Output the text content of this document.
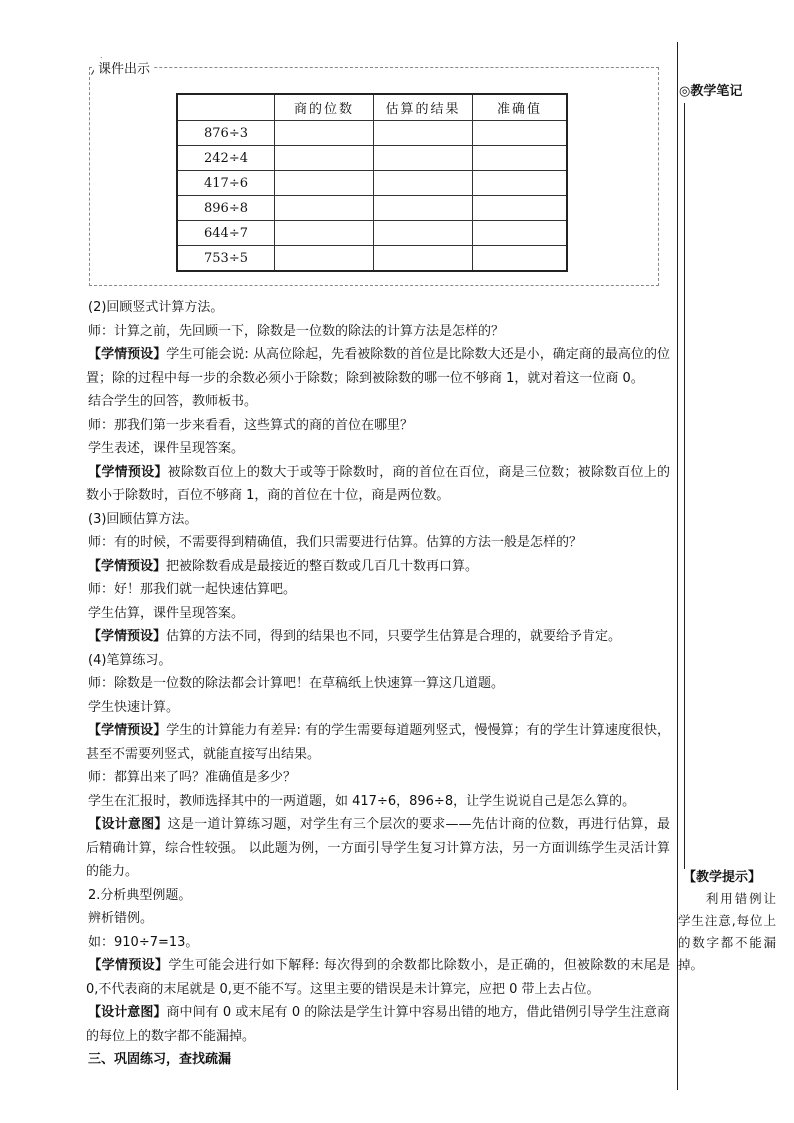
◎教学笔记
【教学提示】
利用错例让学生注意,每位上的数字都不能漏掉。
课件出示
	商的位数	估算的结果	准确值
876÷3			
242÷4			
417÷6			
896÷8			
644÷7			
753÷5			

(2)回顾竖式计算方法。

师：计算之前，先回顾一下，除数是一位数的除法的计算方法是怎样的？

【学情预设】学生可能会说: 从高位除起，先看被除数的首位是比除数大还是小，确定商的最高位的位置；除的过程中每一步的余数必须小于除数；除到被除数的哪一位不够商 1，就对着这一位商 0。

结合学生的回答，教师板书。

师：那我们第一步来看看，这些算式的商的首位在哪里？

学生表述，课件呈现答案。

【学情预设】被除数百位上的数大于或等于除数时，商的首位在百位，商是三位数；被除数百位上的数小于除数时，百位不够商 1，商的首位在十位，商是两位数。

(3)回顾估算方法。

师：有的时候，不需要得到精确值，我们只需要进行估算。估算的方法一般是怎样的？

【学情预设】把被除数看成是最接近的整百数或几百几十数再口算。

师：好！那我们就一起快速估算吧。

学生估算，课件呈现答案。

【学情预设】估算的方法不同，得到的结果也不同，只要学生估算是合理的，就要给予肯定。

(4)笔算练习。

师：除数是一位数的除法都会计算吧！在草稿纸上快速算一算这几道题。

学生快速计算。

【学情预设】学生的计算能力有差异: 有的学生需要每道题列竖式，慢慢算；有的学生计算速度很快，甚至不需要列竖式，就能直接写出结果。

师：都算出来了吗？准确值是多少？

学生在汇报时，教师选择其中的一两道题，如 417÷6，896÷8，让学生说说自己是怎么算的。

【设计意图】这是一道计算练习题，对学生有三个层次的要求——先估计商的位数，再进行估算，最后精确计算，综合性较强。 以此题为例，一方面引导学生复习计算方法，另一方面训练学生灵活计算的能力。

2.分析典型例题。

辨析错例。

如：910÷7=13。

【学情预设】学生可能会进行如下解释: 每次得到的余数都比除数小，是正确的，但被除数的末尾是 0,不代表商的末尾就是 0,更不能不写。这里主要的错误是未计算完，应把 0 带上去占位。

【设计意图】商中间有 0 或末尾有 0 的除法是学生计算中容易出错的地方，借此错例引导学生注意商的每位上的数字都不能漏掉。

三、巩固练习，查找疏漏
